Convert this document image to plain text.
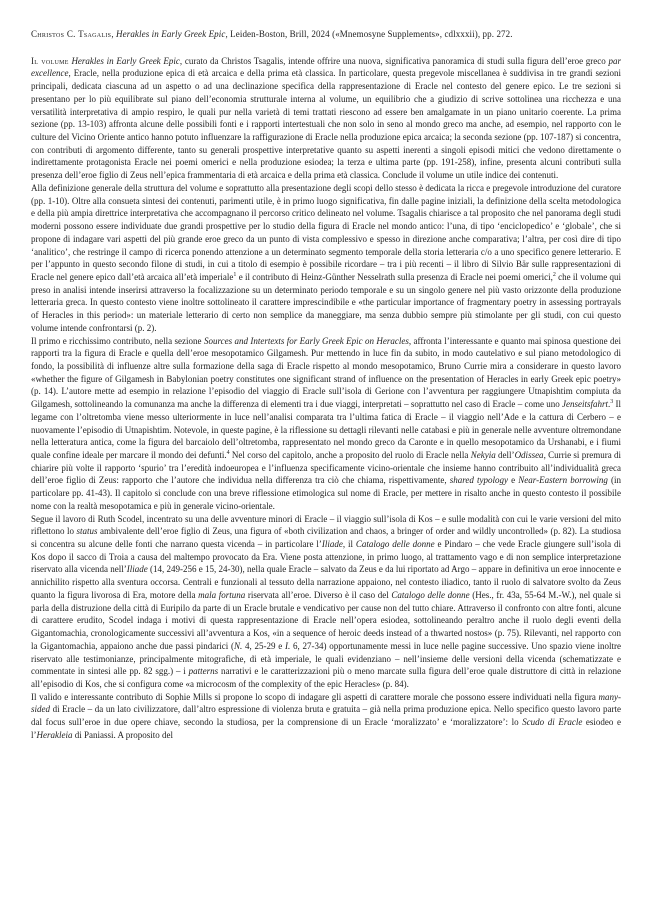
Christos C. Tsagalis, Herakles in Early Greek Epic, Leiden-Boston, Brill, 2024 («Mnemosyne Supplements», cdlxxxii), pp. 272.

Il volume Herakles in Early Greek Epic, curato da Christos Tsagalis, intende offrire una nuova, significativa panoramica di studi sulla figura dell’eroe greco par excellence, Eracle, nella produzione epica di età arcaica e della prima età classica. In particolare, questa pregevole miscellanea è suddivisa in tre grandi sezioni principali, dedicata ciascuna ad un aspetto o ad una declinazione specifica della rappresentazione di Eracle nel contesto del genere epico. Le tre sezioni si presentano per lo più equilibrate sul piano dell’economia strutturale interna al volume, un equilibrio che a giudizio di scrive sottolinea una ricchezza e una versatilità interpretativa di ampio respiro, le quali pur nella varietà di temi trattati riescono ad essere ben amalgamate in un piano unitario coerente. La prima sezione (pp. 13-103) affronta alcune delle possibili fonti e i rapporti intertestuali che non solo in seno al mondo greco ma anche, ad esempio, nel rapporto con le culture del Vicino Oriente antico hanno potuto influenzare la raffigurazione di Eracle nella produzione epica arcaica; la seconda sezione (pp. 107-187) si concentra, con contributi di argomento differente, tanto su generali prospettive interpretative quanto su aspetti inerenti a singoli episodi mitici che vedono direttamente o indirettamente protagonista Eracle nei poemi omerici e nella produzione esiodea; la terza e ultima parte (pp. 191-258), infine, presenta alcuni contributi sulla presenza dell’eroe figlio di Zeus nell’epica frammentaria di età arcaica e della prima età classica. Conclude il volume un utile indice dei contenuti.

Alla definizione generale della struttura del volume e soprattutto alla presentazione degli scopi dello stesso è dedicata la ricca e pregevole introduzione del curatore (pp. 1-10). Oltre alla consueta sintesi dei contenuti, parimenti utile, è in primo luogo significativa, fin dalle pagine iniziali, la definizione della scelta metodologica e della più ampia direttrice interpretativa che accompagnano il percorso critico delineato nel volume. Tsagalis chiarisce a tal proposito che nel panorama degli studi moderni possono essere individuate due grandi prospettive per lo studio della figura di Eracle nel mondo antico: l’una, di tipo ‘enciclopedico’ e ‘globale’, che si propone di indagare vari aspetti del più grande eroe greco da un punto di vista complessivo e spesso in direzione anche comparativa; l’altra, per così dire di tipo ‘analitico’, che restringe il campo di ricerca ponendo attenzione a un determinato segmento temporale della storia letteraria c/o a uno specifico genere letterario. E per l’appunto in questo secondo filone di studi, in cui a titolo di esempio è possibile ricordare – tra i più recenti – il libro di Silvio Bär sulle rappresentazioni di Eracle nel genere epico dall’età arcaica all’età imperiale$^1$ e il contributo di Heinz-Günther Nesselrath sulla presenza di Eracle nei poemi omerici,$^2$ che il volume qui preso in analisi intende inserirsi attraverso la focalizzazione su un determinato periodo temporale e su un singolo genere nel più vasto orizzonte della produzione letteraria greca. In questo contesto viene inoltre sottolineato il carattere imprescindibile e «the particular importance of fragmentary poetry in assessing portrayals of Heracles in this period»: un materiale letterario di certo non semplice da maneggiare, ma senza dubbio sempre più stimolante per gli studi, con cui questo volume intende confrontarsi (p. 2).

Il primo e ricchissimo contributo, nella sezione Sources and Intertexts for Early Greek Epic on Heracles, affronta l’interessante e quanto mai spinosa questione dei rapporti tra la figura di Eracle e quella dell’eroe mesopotamico Gilgamesh. Pur mettendo in luce fin da subito, in modo cautelativo e sul piano metodologico di fondo, la possibilità di influenze altre sulla formazione della saga di Eracle rispetto al mondo mesopotamico, Bruno Currie mira a considerare in questo lavoro «whether the figure of Gilgamesh in Babylonian poetry constitutes one significant strand of influence on the presentation of Heracles in early Greek epic poetry» (p. 14). L’autore mette ad esempio in relazione l’episodio del viaggio di Eracle sull’isola di Gerione con l’avventura per raggiungere Utnapishtim compiuta da Gilgamesh, sottolineando la comunanza ma anche la differenza di elementi tra i due viaggi, interpretati – soprattutto nel caso di Eracle – come uno Jenseitsfahrt.$^3$ Il legame con l’oltretomba viene messo ulteriormente in luce nell’analisi comparata tra l’ultima fatica di Eracle – il viaggio nell’Ade e la cattura di Cerbero – e nuovamente l’episodio di Utnapishtim. Notevole, in queste pagine, è la riflessione su dettagli rilevanti nelle catabasi e più in generale nelle avventure oltremondane nella letteratura antica, come la figura del barcaiolo dell’oltretomba, rappresentato nel mondo greco da Caronte e in quello mesopotamico da Urshanabi, e i fiumi quale confine ideale per marcare il mondo dei defunti.$^4$ Nel corso del capitolo, anche a proposito del ruolo di Eracle nella Nekyia dell’Odissea, Currie si premura di chiarire più volte il rapporto ‘spurio’ tra l’eredità indoeuropea e l’influenza specificamente vicino-orientale che insieme hanno contribuito all’individualità greca dell’eroe figlio di Zeus: rapporto che l’autore che individua nella differenza tra ciò che chiama, rispettivamente, shared typology e Near-Eastern borrowing (in particolare pp. 41-43). Il capitolo si conclude con una breve riflessione etimologica sul nome di Eracle, per mettere in risalto anche in questo contesto il possibile nome con la realtà mesopotamica e più in generale vicino-orientale.

Segue il lavoro di Ruth Scodel, incentrato su una delle avventure minori di Eracle – il viaggio sull’isola di Kos – e sulle modalità con cui le varie versioni del mito riflettono lo status ambivalente dell’eroe figlio di Zeus, una figura of «both civilization and chaos, a bringer of order and wildly uncontrolled» (p. 82). La studiosa si concentra su alcune delle fonti che narrano questa vicenda – in particolare l’Iliade, il Catalogo delle donne e Pindaro – che vede Eracle giungere sull’isola di Kos dopo il sacco di Troia a causa del maltempo provocato da Era. Viene posta attenzione, in primo luogo, al trattamento vago e di non semplice interpretazione riservato alla vicenda nell’Iliade (14, 249-256 e 15, 24-30), nella quale Eracle – salvato da Zeus e da lui riportato ad Argo – appare in definitiva un eroe innocente e annichilito rispetto alla sventura occorsa. Centrali e funzionali al tessuto della narrazione appaiono, nel contesto iliadico, tanto il ruolo di salvatore svolto da Zeus quanto la figura livorosa di Era, motore della mala fortuna riservata all’eroe. Diverso è il caso del Catalogo delle donne (Hes., fr. 43a, 55-64 M.-W.), nel quale si parla della distruzione della città di Euripilo da parte di un Eracle brutale e vendicativo per cause non del tutto chiare. Attraverso il confronto con altre fonti, alcune di carattere erudito, Scodel indaga i motivi di questa rappresentazione di Eracle nell’opera esiodea, sottolineando peraltro anche il ruolo degli eventi della Gigantomachia, cronologicamente successivi all’avventura a Kos, «in a sequence of heroic deeds instead of a thwarted nostos» (p. 75). Rilevanti, nel rapporto con la Gigantomachia, appaiono anche due passi pindarici (N. 4, 25-29 e I. 6, 27-34) opportunamente messi in luce nelle pagine successive. Uno spazio viene inoltre riservato alle testimonianze, principalmente mitografiche, di età imperiale, le quali evidenziano – nell’insieme delle versioni della vicenda (schematizzate e commentate in sintesi alle pp. 82 sgg.) – i patterns narrativi e le caratterizzazioni più o meno marcate sulla figura dell’eroe quale distruttore di città in relazione all’episodio di Kos, che si configura come «a microcosm of the complexity of the epic Heracles» (p. 84).

Il valido e interessante contributo di Sophie Mills si propone lo scopo di indagare gli aspetti di carattere morale che possono essere individuati nella figura many-sided di Eracle – da un lato civilizzatore, dall’altro espressione di violenza bruta e gratuita – già nella prima produzione epica. Nello specifico questo lavoro parte dal focus sull’eroe in due opere chiave, secondo la studiosa, per la comprensione di un Eracle ‘moralizzato’ e ‘moralizzatore’: lo Scudo di Eracle esiodeo e l’Herakleia di Paniassi. A proposito del
